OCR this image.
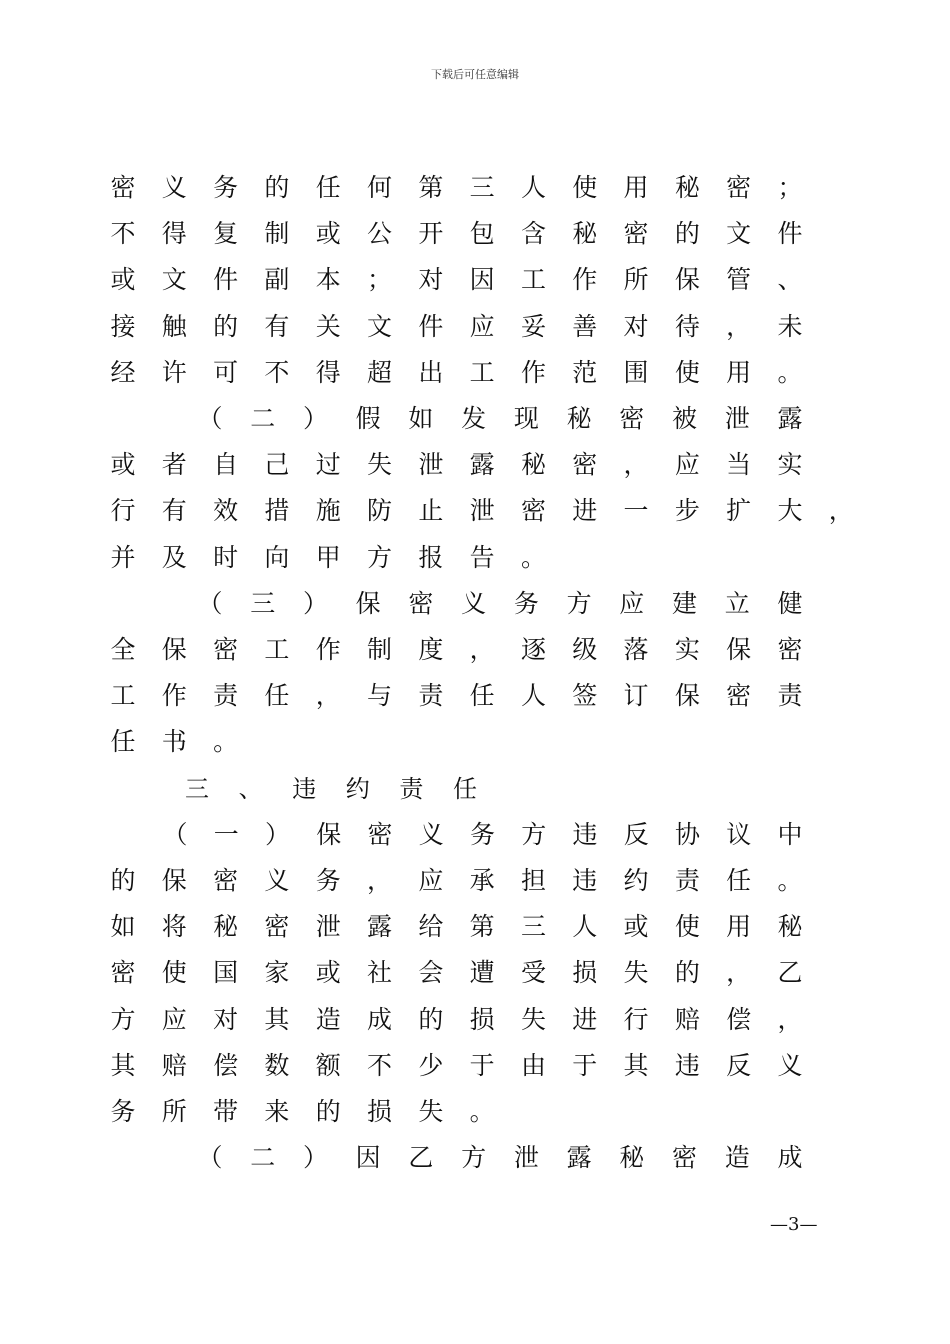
下载后可任意编辑
密 义 务 的 任 何 第 三 人 使 用 秘 密 ；
不 得 复 制 或 公 开 包 含 秘 密 的 文 件
或 文 件 副 本 ； 对 因 工 作 所 保 管 、
接 触 的 有 关 文 件 应 妥 善 对 待 ， 未
经 许 可 不 得 超 出 工 作 范 围 使 用 。
（ 二 ） 假 如 发 现 秘 密 被 泄 露
或 者 自 己 过 失 泄 露 秘 密 ， 应 当 实
行 有 效 措 施 防 止 泄 密 进 一 步 扩 大 ，
并 及 时 向 甲 方 报 告 。
（ 三 ） 保 密 义 务 方 应 建 立 健
全 保 密 工 作 制 度 ， 逐 级 落 实 保 密
工 作 责 任 ， 与 责 任 人 签 订 保 密 责
任 书 。
三 、 违 约 责 任
（ 一 ） 保 密 义 务 方 违 反 协 议 中
的 保 密 义 务 ， 应 承 担 违 约 责 任 。
如 将 秘 密 泄 露 给 第 三 人 或 使 用 秘
密 使 国 家 或 社 会 遭 受 损 失 的 ， 乙
方 应 对 其 造 成 的 损 失 进 行 赔 偿 ，
其 赔 偿 数 额 不 少 于 由 于 其 违 反 义
务 所 带 来 的 损 失 。
（ 二 ） 因 乙 方 泄 露 秘 密 造 成
—3—
